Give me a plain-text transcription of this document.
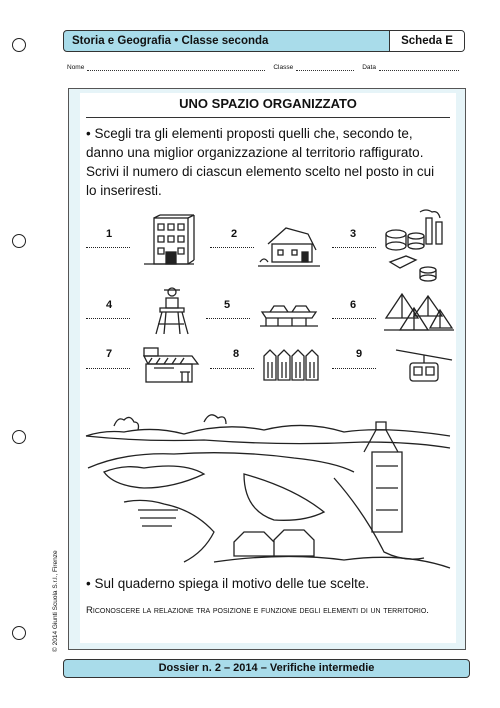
Storia e Geografia • Classe seconda	Scheda E
Nome	Classe	Data
UNO SPAZIO ORGANIZZATO
• Scegli tra gli elementi proposti quelli che, secondo te, danno una miglior organizzazione al territorio raffigurato. Scrivi il numero di ciascun elemento scelto nel posto in cui lo inseriresti.
1	2	3
4	5	6
7	8	9
• Sul quaderno spiega il motivo delle tue scelte.
Riconoscere la relazione tra posizione e funzione degli elementi di un territorio.
© 2014 Giunti Scuola S.r.l., Firenze
Dossier n. 2 – 2014 – Verifiche intermedie
